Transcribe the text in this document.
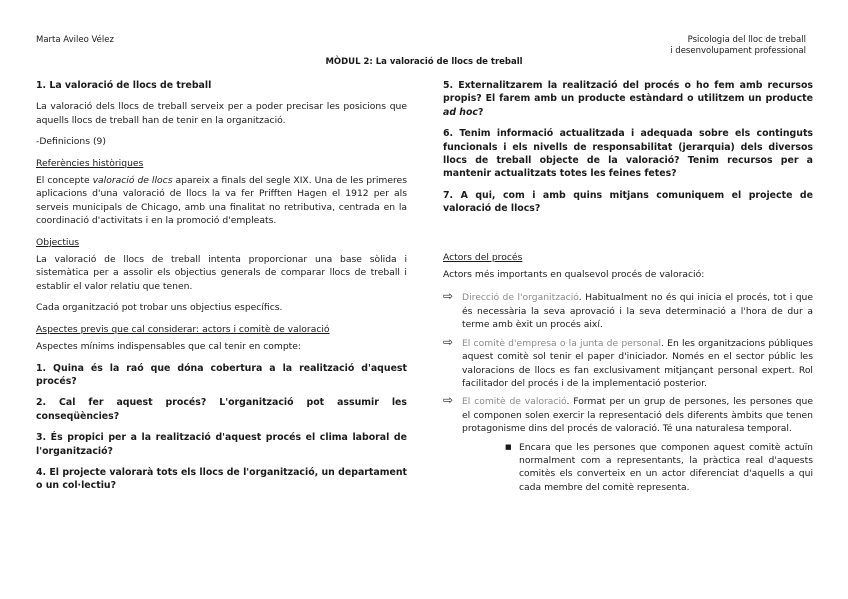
Marta Avileo Vélez	Psicologia del lloc de treball
i desenvolupament professional
MÒDUL 2: La valoració de llocs de treball

1. La valoració de llocs de treball

La valoració dels llocs de treball serveix per a poder precisar les posicions que aquells llocs de treball han de tenir en la organització.

-Definicions (9)

Referències històriques

El concepte valoració de llocs apareix a finals del segle XIX. Una de les primeres aplicacions d'una valoració de llocs la va fer Prifften Hagen el 1912 per als serveis municipals de Chicago, amb una finalitat no retributiva, centrada en la coordinació d'activitats i en la promoció d'empleats.

Objectius

La valoració de llocs de treball intenta proporcionar una base sòlida i sistemàtica per a assolir els objectius generals de comparar llocs de treball i establir el valor relatiu que tenen.

Cada organització pot trobar uns objectius específics.

Aspectes previs que cal considerar: actors i comitè de valoració

Aspectes mínims indispensables que cal tenir en compte:

1. Quina és la raó que dóna cobertura a la realització d'aquest procés?

2. Cal fer aquest procés? L'organització pot assumir les conseqüències?

3. És propici per a la realització d'aquest procés el clima laboral de l'organització?

4. El projecte valorarà tots els llocs de l'organització, un departament o un col·lectiu?

5. Externalitzarem la realització del procés o ho fem amb recursos propis? El farem amb un producte estàndard o utilitzem un producte ad hoc?

6. Tenim informació actualitzada i adequada sobre els continguts funcionals i els nivells de responsabilitat (jerarquia) dels diversos llocs de treball objecte de la valoració? Tenim recursos per a mantenir actualitzats totes les feines fetes?

7. A qui, com i amb quins mitjans comuniquem el projecte de valoració de llocs?

Actors del procés

Actors més importants en qualsevol procés de valoració:

⇨ Direcció de l'organització. Habitualment no és qui inicia el procés, tot i que és necessària la seva aprovació i la seva determinació a l'hora de dur a terme amb èxit un procés així.
⇨ El comitè d'empresa o la junta de personal. En les organitzacions públiques aquest comitè sol tenir el paper d'iniciador. Només en el sector públic les valoracions de llocs es fan exclusivament mitjançant personal expert. Rol facilitador del procés i de la implementació posterior.
⇨ El comitè de valoració. Format per un grup de persones, les persones que el componen solen exercir la representació dels diferents àmbits que tenen protagonisme dins del procés de valoració. Té una naturalesa temporal.
■ Encara que les persones que componen aquest comitè actuïn normalment com a representants, la pràctica real d'aquests comitès els converteix en un actor diferenciat d'aquells a qui cada membre del comitè representa.
